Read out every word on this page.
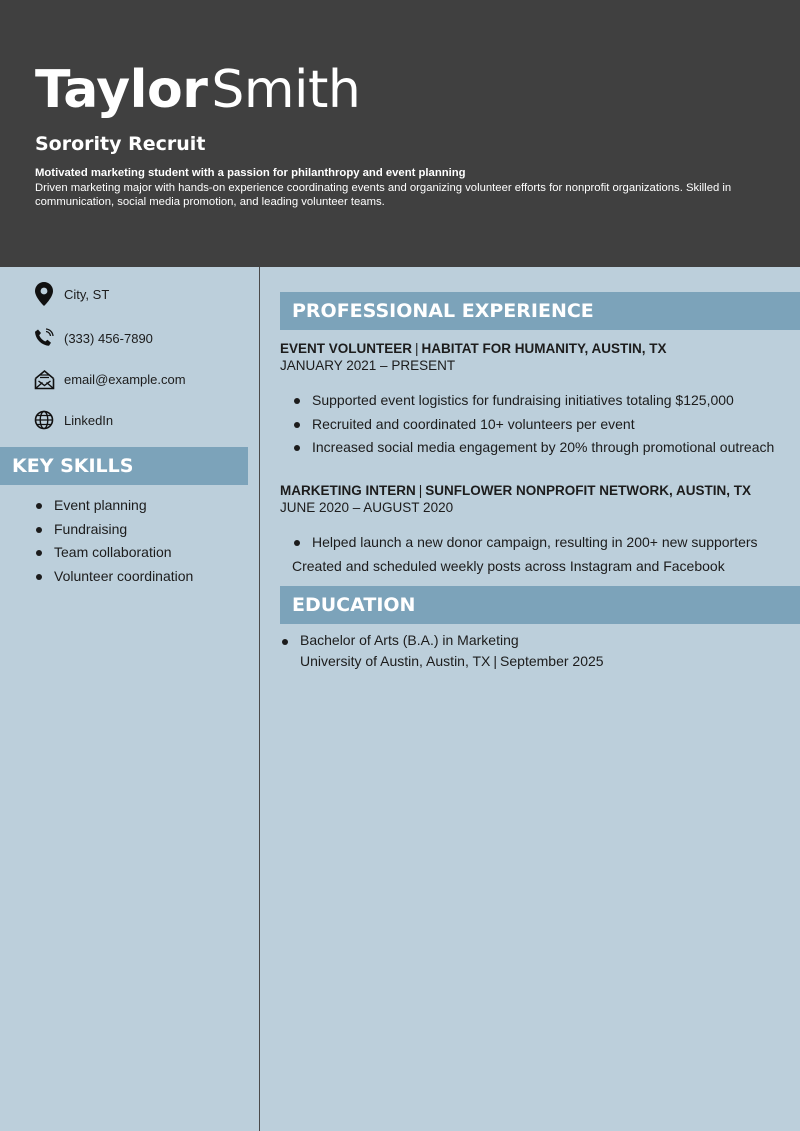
TaylorSmith
Sorority Recruit
Motivated marketing student with a passion for philanthropy and event planning
Driven marketing major with hands-on experience coordinating events and organizing volunteer efforts for nonprofit organizations. Skilled in communication, social media promotion, and leading volunteer teams.
City, ST
(333) 456-7890
email@example.com
LinkedIn
KEY SKILLS
Event planning
Fundraising
Team collaboration
Volunteer coordination
PROFESSIONAL EXPERIENCE
EVENT VOLUNTEER | HABITAT FOR HUMANITY, AUSTIN, TX
JANUARY 2021 – PRESENT
Supported event logistics for fundraising initiatives totaling $125,000
Recruited and coordinated 10+ volunteers per event
Increased social media engagement by 20% through promotional outreach
MARKETING INTERN | SUNFLOWER NONPROFIT NETWORK, AUSTIN, TX
JUNE 2020 – AUGUST 2020
Helped launch a new donor campaign, resulting in 200+ new supporters
Created and scheduled weekly posts across Instagram and Facebook
EDUCATION
Bachelor of Arts (B.A.) in Marketing
University of Austin, Austin, TX | September 2025
